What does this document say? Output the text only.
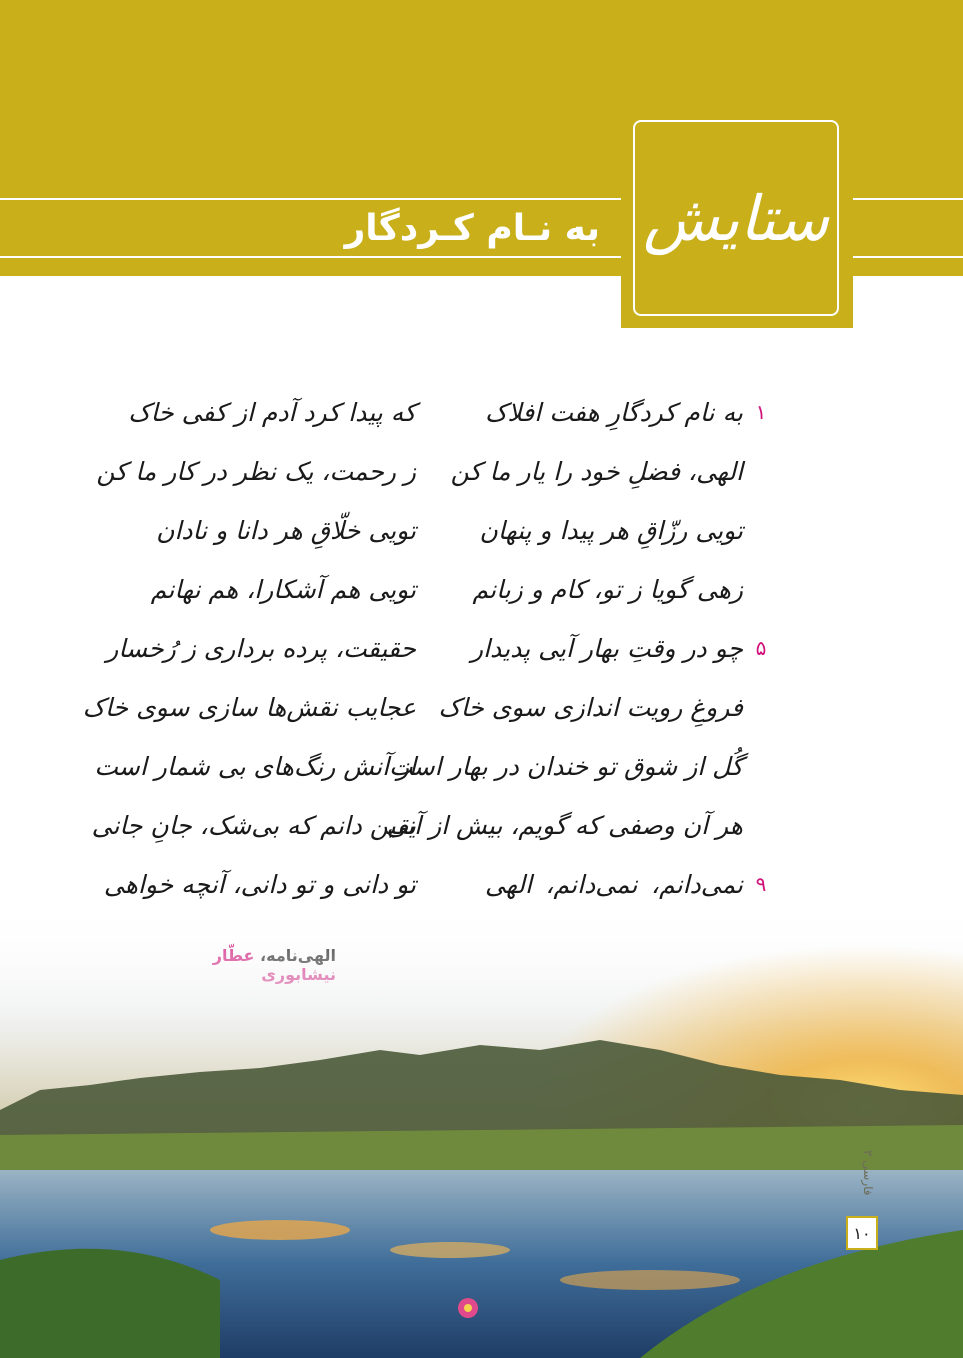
ستایش
به نـام کـردگار
۱
به نام کردگارِ هفت افلاک
که پیدا کرد آدم از کفی خاک
الهی، فضلِ خود را یار ما کن
ز رحمت، یک نظر در کار ما کن
تویی رزّاقِ هر پیدا و پنهان
تویی خلّاقِ هر دانا و نادان
زهی گویا ز تو، کام و زبانم
تویی هم آشکارا، هم نهانم
۵
چو در وقتِ بهار آیی پدیدار
حقیقت، پرده برداری ز رُخسار
فروغِ رویت اندازی سوی خاک
عجایب نقش‌ها سازی سوی خاک
گُل از شوق تو خندان در بهار است
از آنش رنگ‌های بی شمار است
هر آن وصفی که گویم، بیش از آنی
یقین دانم که بی‌شک، جانِ جانی
۹
نمی‌دانم، نمی‌دانم، الهی
تو دانی و تو دانی، آنچه خواهی
فارسی ۳
۱۰
